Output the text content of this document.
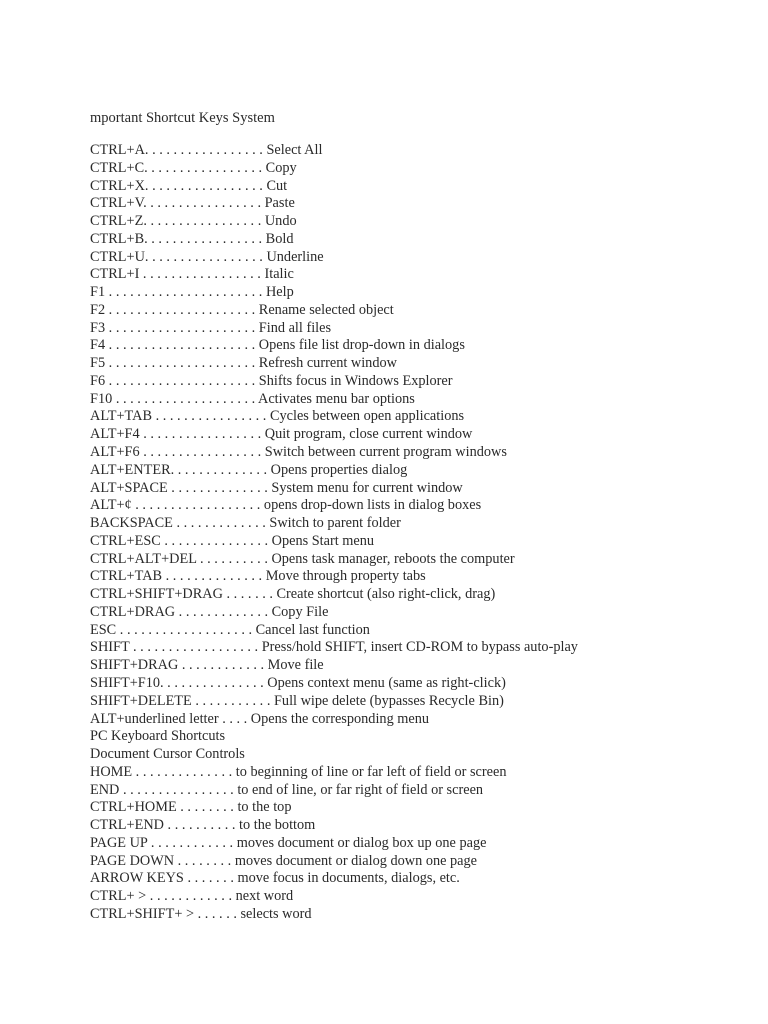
mportant Shortcut Keys System
CTRL+A. . . . . . . . . . . . . . . . . Select All
CTRL+C. . . . . . . . . . . . . . . . . Copy
CTRL+X. . . . . . . . . . . . . . . . . Cut
CTRL+V. . . . . . . . . . . . . . . . . Paste
CTRL+Z. . . . . . . . . . . . . . . . . Undo
CTRL+B. . . . . . . . . . . . . . . . . Bold
CTRL+U. . . . . . . . . . . . . . . . . Underline
CTRL+I . . . . . . . . . . . . . . . . . Italic
F1 . . . . . . . . . . . . . . . . . . . . . . Help
F2 . . . . . . . . . . . . . . . . . . . . . Rename selected object
F3 . . . . . . . . . . . . . . . . . . . . . Find all files
F4 . . . . . . . . . . . . . . . . . . . . . Opens file list drop-down in dialogs
F5 . . . . . . . . . . . . . . . . . . . . . Refresh current window
F6 . . . . . . . . . . . . . . . . . . . . . Shifts focus in Windows Explorer
F10 . . . . . . . . . . . . . . . . . . . . Activates menu bar options
ALT+TAB . . . . . . . . . . . . . . . . Cycles between open applications
ALT+F4 . . . . . . . . . . . . . . . . . Quit program, close current window
ALT+F6 . . . . . . . . . . . . . . . . . Switch between current program windows
ALT+ENTER. . . . . . . . . . . . . . Opens properties dialog
ALT+SPACE . . . . . . . . . . . . . . System menu for current window
ALT+¢ . . . . . . . . . . . . . . . . . . opens drop-down lists in dialog boxes
BACKSPACE . . . . . . . . . . . . . Switch to parent folder
CTRL+ESC . . . . . . . . . . . . . . . Opens Start menu
CTRL+ALT+DEL . . . . . . . . . . Opens task manager, reboots the computer
CTRL+TAB . . . . . . . . . . . . . . Move through property tabs
CTRL+SHIFT+DRAG . . . . . . . Create shortcut (also right-click, drag)
CTRL+DRAG . . . . . . . . . . . . . Copy File
ESC . . . . . . . . . . . . . . . . . . . Cancel last function
SHIFT . . . . . . . . . . . . . . . . . . Press/hold SHIFT, insert CD-ROM to bypass auto-play
SHIFT+DRAG . . . . . . . . . . . . Move file
SHIFT+F10. . . . . . . . . . . . . . . Opens context menu (same as right-click)
SHIFT+DELETE . . . . . . . . . . . Full wipe delete (bypasses Recycle Bin)
ALT+underlined letter . . . . Opens the corresponding menu
PC Keyboard Shortcuts
Document Cursor Controls
HOME . . . . . . . . . . . . . . to beginning of line or far left of field or screen
END . . . . . . . . . . . . . . . . to end of line, or far right of field or screen
CTRL+HOME . . . . . . . . to the top
CTRL+END . . . . . . . . . . to the bottom
PAGE UP . . . . . . . . . . . . moves document or dialog box up one page
PAGE DOWN . . . . . . . . moves document or dialog down one page
ARROW KEYS . . . . . . . move focus in documents, dialogs, etc.
CTRL+ > . . . . . . . . . . . . next word
CTRL+SHIFT+ > . . . . . . selects word
